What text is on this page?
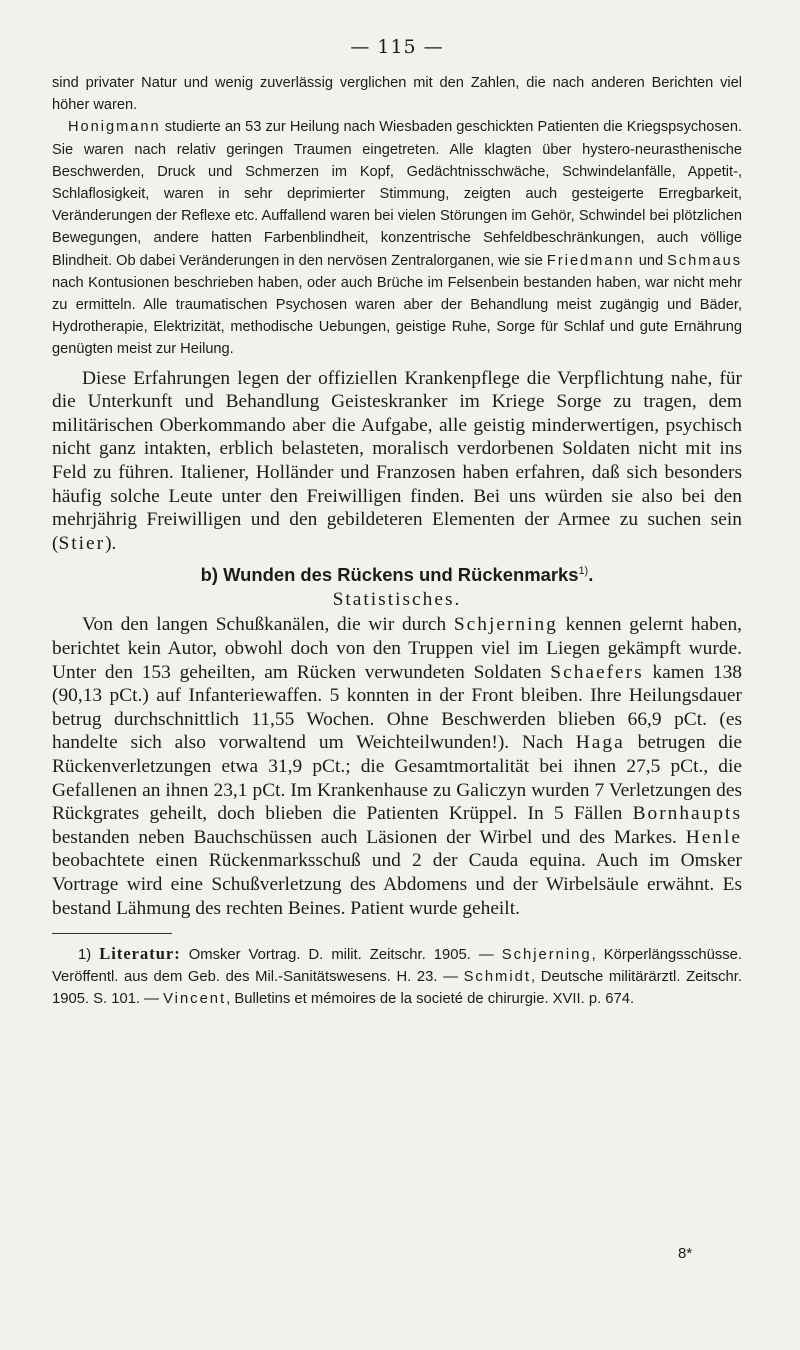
— 115 —

sind privater Natur und wenig zuverlässig verglichen mit den Zahlen, die nach anderen Berichten viel höher waren.

Honigmann studierte an 53 zur Heilung nach Wiesbaden geschickten Patienten die Kriegspsychosen. Sie waren nach relativ geringen Traumen eingetreten. Alle klagten über hystero-neurasthenische Beschwerden, Druck und Schmerzen im Kopf, Gedächtnisschwäche, Schwindelanfälle, Appetit-, Schlaflosigkeit, waren in sehr deprimierter Stimmung, zeigten auch gesteigerte Erregbarkeit, Veränderungen der Reflexe etc. Auffallend waren bei vielen Störungen im Gehör, Schwindel bei plötzlichen Bewegungen, andere hatten Farbenblindheit, konzentrische Sehfeldbeschränkungen, auch völlige Blindheit. Ob dabei Veränderungen in den nervösen Zentralorganen, wie sie Friedmann und Schmaus nach Kontusionen beschrieben haben, oder auch Brüche im Felsenbein bestanden haben, war nicht mehr zu ermitteln. Alle traumatischen Psychosen waren aber der Behandlung meist zugängig und Bäder, Hydrotherapie, Elektrizität, methodische Uebungen, geistige Ruhe, Sorge für Schlaf und gute Ernährung genügten meist zur Heilung.

Diese Erfahrungen legen der offiziellen Krankenpflege die Verpflichtung nahe, für die Unterkunft und Behandlung Geisteskranker im Kriege Sorge zu tragen, dem militärischen Oberkommando aber die Aufgabe, alle geistig minderwertigen, psychisch nicht ganz intakten, erblich belasteten, moralisch verdorbenen Soldaten nicht mit ins Feld zu führen. Italiener, Holländer und Franzosen haben erfahren, daß sich besonders häufig solche Leute unter den Freiwilligen finden. Bei uns würden sie also bei den mehrjährig Freiwilligen und den gebildeteren Elementen der Armee zu suchen sein (Stier).

b) Wunden des Rückens und Rückenmarks$^{1)}$.
Statistisches.

Von den langen Schußkanälen, die wir durch Schjerning kennen gelernt haben, berichtet kein Autor, obwohl doch von den Truppen viel im Liegen gekämpft wurde. Unter den 153 geheilten, am Rücken verwundeten Soldaten Schaefers kamen 138 (90,13 pCt.) auf Infanteriewaffen. 5 konnten in der Front bleiben. Ihre Heilungsdauer betrug durchschnittlich 11,55 Wochen. Ohne Beschwerden blieben 66,9 pCt. (es handelte sich also vorwaltend um Weichteilwunden!). Nach Haga betrugen die Rückenverletzungen etwa 31,9 pCt.; die Gesamtmortalität bei ihnen 27,5 pCt., die Gefallenen an ihnen 23,1 pCt. Im Krankenhause zu Galiczyn wurden 7 Verletzungen des Rückgrates geheilt, doch blieben die Patienten Krüppel. In 5 Fällen Bornhaupts bestanden neben Bauchschüssen auch Läsionen der Wirbel und des Markes. Henle beobachtete einen Rückenmarksschuß und 2 der Cauda equina. Auch im Omsker Vortrage wird eine Schußverletzung des Abdomens und der Wirbelsäule erwähnt. Es bestand Lähmung des rechten Beines. Patient wurde geheilt.

1) Literatur: Omsker Vortrag. D. milit. Zeitschr. 1905. — Schjerning, Körperlängsschüsse. Veröffentl. aus dem Geb. des Mil.-Sanitätswesens. H. 23. — Schmidt, Deutsche militärärztl. Zeitschr. 1905. S. 101. — Vincent, Bulletins et mémoires de la societé de chirurgie. XVII. p. 674.

8*
